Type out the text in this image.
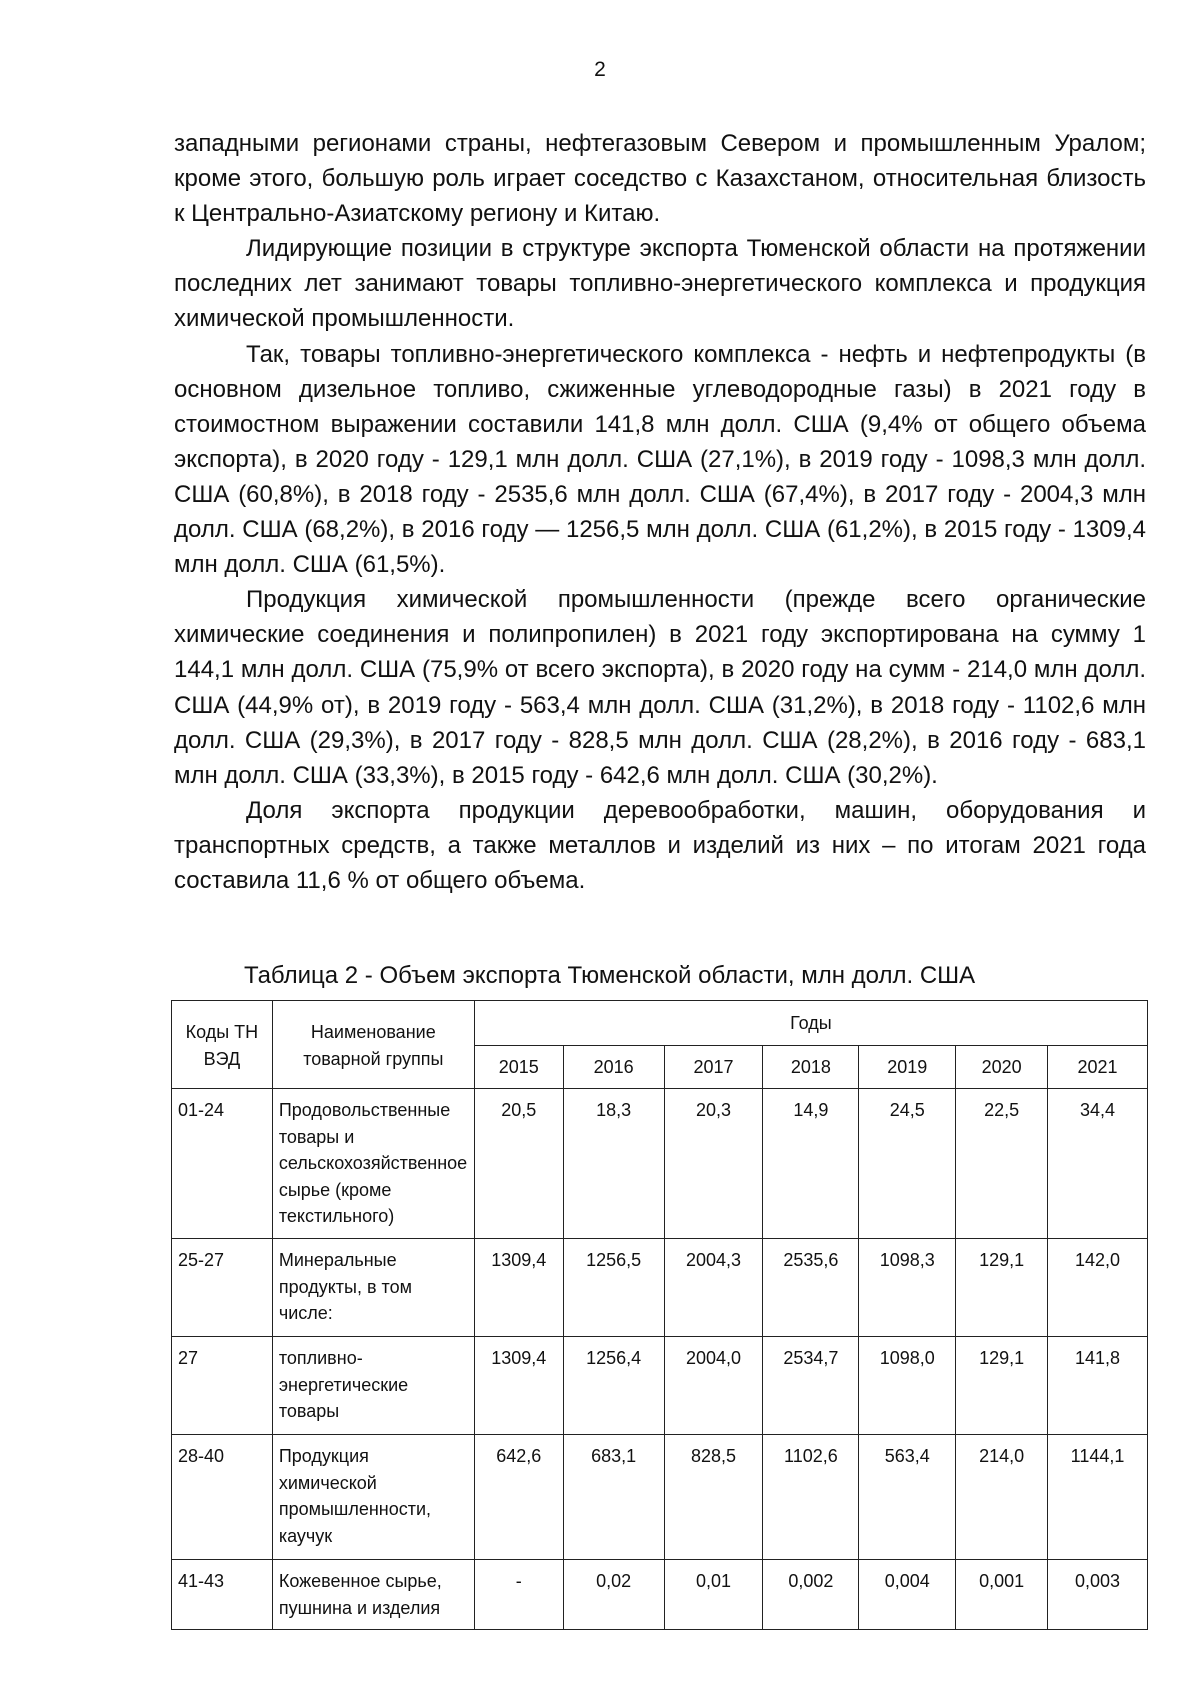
2

западными регионами страны, нефтегазовым Севером и промышленным Уралом; кроме этого, большую роль играет соседство с Казахстаном, относительная близость к Центрально-Азиатскому региону и Китаю.

Лидирующие позиции в структуре экспорта Тюменской области на протяжении последних лет занимают товары топливно-энергетического комплекса и продукция химической промышленности.

Так, товары топливно-энергетического комплекса - нефть и нефтепродукты (в основном дизельное топливо, сжиженные углеводородные газы) в 2021 году в стоимостном выражении составили 141,8 млн долл. США (9,4% от общего объема экспорта), в 2020 году - 129,1 млн долл. США (27,1%), в 2019 году - 1098,3 млн долл. США (60,8%), в 2018 году - 2535,6 млн долл. США (67,4%), в 2017 году - 2004,3 млн долл. США (68,2%), в 2016 году — 1256,5 млн долл. США (61,2%), в 2015 году - 1309,4 млн долл. США (61,5%).

Продукция химической промышленности (прежде всего органические химические соединения и полипропилен) в 2021 году экспортирована на сумму 1 144,1 млн долл. США (75,9% от всего экспорта), в 2020 году на сумм - 214,0 млн долл. США (44,9% от), в 2019 году - 563,4 млн долл. США (31,2%), в 2018 году - 1102,6 млн долл. США (29,3%), в 2017 году - 828,5 млн долл. США (28,2%), в 2016 году - 683,1 млн долл. США (33,3%), в 2015 году - 642,6 млн долл. США (30,2%).

Доля экспорта продукции деревообработки, машин, оборудования и транспортных средств, а также металлов и изделий из них – по итогам 2021 года составила 11,6 % от общего объема.

Таблица 2 - Объем экспорта Тюменской области, млн долл. США
Коды ТН ВЭД	Наименование товарной группы	Годы						
		2015	2016	2017	2018	2019	2020	2021
01-24	Продовольственные товары и сельскохозяйственное сырье (кроме текстильного)	20,5	18,3	20,3	14,9	24,5	22,5	34,4
25-27	Минеральные продукты, в том числе:	1309,4	1256,5	2004,3	2535,6	1098,3	129,1	142,0
27	топливно-энергетические товары	1309,4	1256,4	2004,0	2534,7	1098,0	129,1	141,8
28-40	Продукция химической промышленности, каучук	642,6	683,1	828,5	1102,6	563,4	214,0	1144,1
41-43	Кожевенное сырье, пушнина и изделия	-	0,02	0,01	0,002	0,004	0,001	0,003
